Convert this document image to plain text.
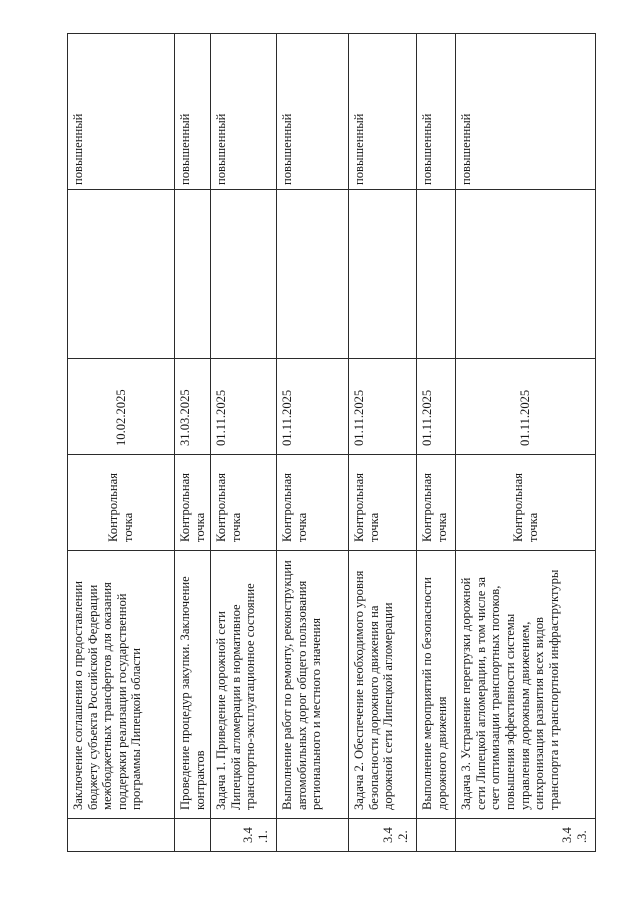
	Заключение соглашения о предоставлении бюджету субъекта Российской Федерации межбюджетных трансфертов для оказания поддержки реализации государственной программы Липецкой области	Контрольная точка	10.02.2025		повышенный
	Проведение процедур закупки. Заключение контрактов	Контрольная точка	31.03.2025		повышенный
3.4.1.	Задача 1. Приведение дорожной сети Липецкой агломерации в нормативное транспортно-эксплуатационное состояние	Контрольная точка	01.11.2025		повышенный
	Выполнение работ по ремонту, реконструкции автомобильных дорог общего пользования регионального и местного значения	Контрольная точка	01.11.2025		повышенный
3.4.2.	Задача 2. Обеспечение необходимого уровня безопасности дорожного движения на дорожной сети Липецкой агломерации	Контрольная точка	01.11.2025		повышенный
	Выполнение мероприятий по безопасности дорожного движения	Контрольная точка	01.11.2025		повышенный
3.4.3.	Задача 3. Устранение перегрузки дорожной сети Липецкой агломерации, в том числе за счет оптимизации транспортных потоков, повышения эффективности системы управления дорожным движением, синхронизация развития всех видов транспорта и транспортной инфраструктуры	Контрольная точка	01.11.2025		повышенный
